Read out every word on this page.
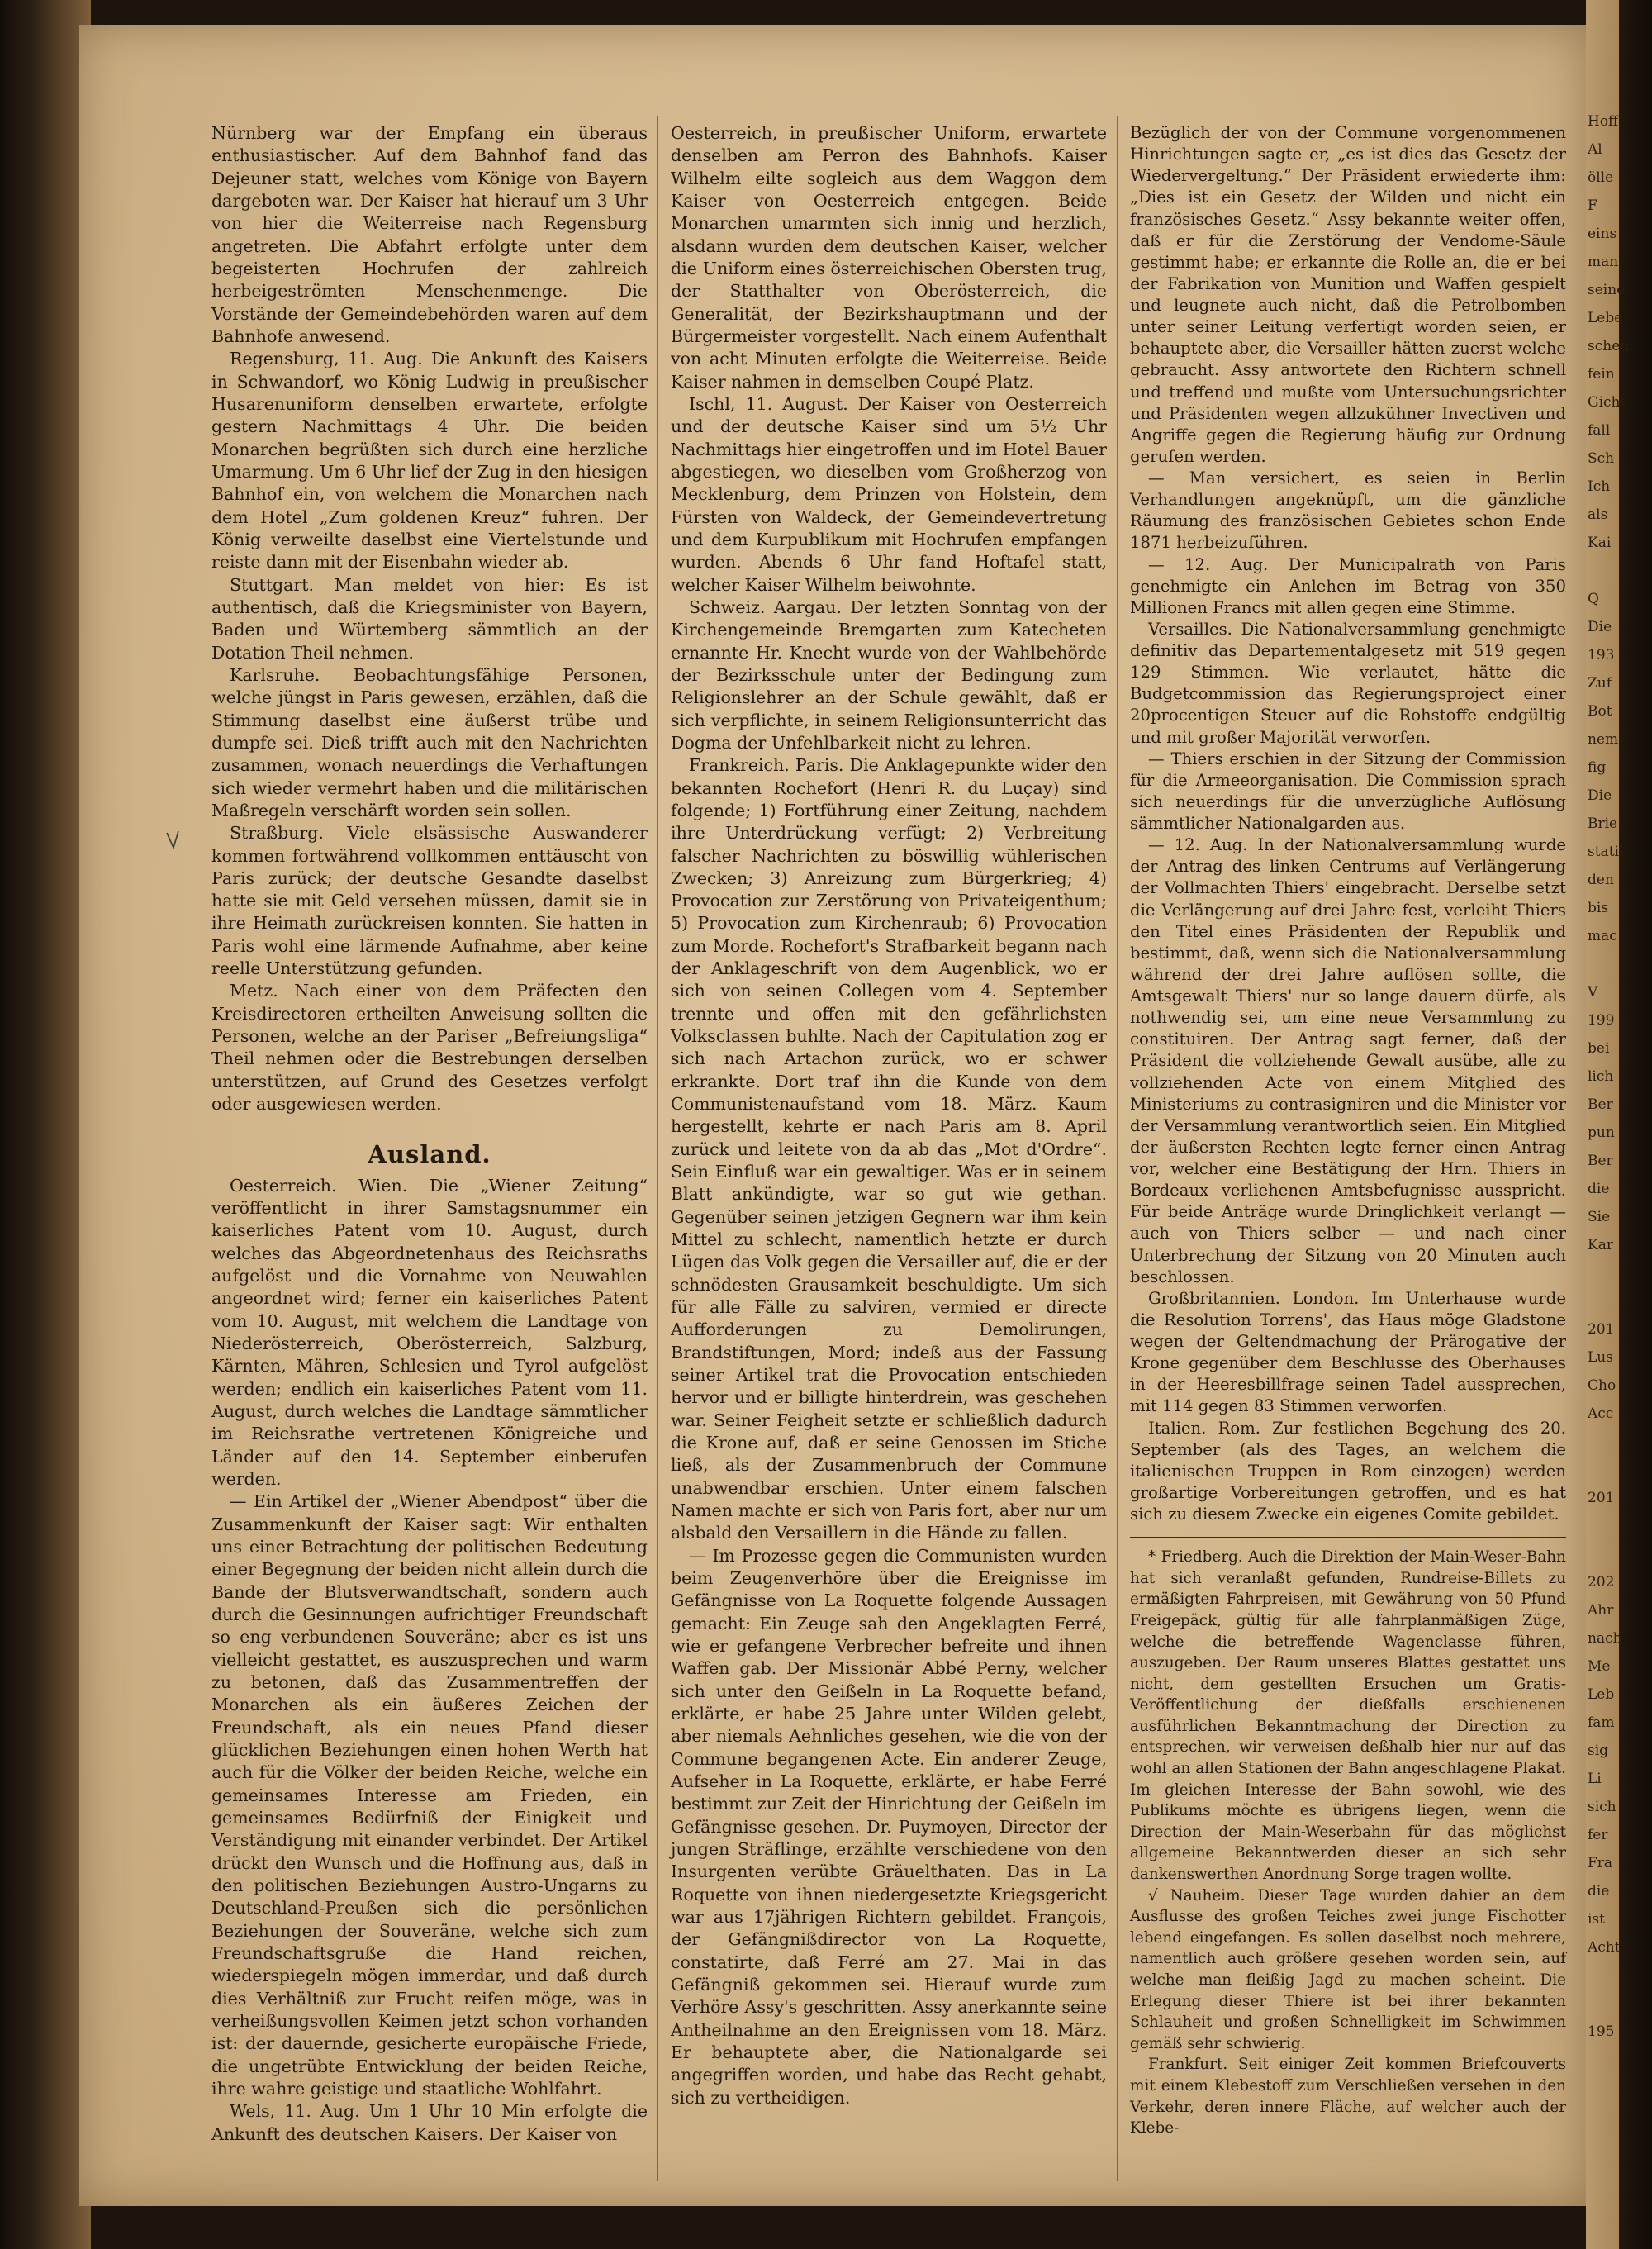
Hoff
Al
ölle
F
eins
man
seine
Lebe
scheu
fein
Gicht
fall
Sch
Ich
als
Kai

Q
Die
193
Zuf
Bot
nem
fig
Die
Brie
stati
den
bis
mac

V
199
bei
lich
Ber
pun
Ber
die
Sie
Kar

201
Lus
Cho
Acc

201

202
Ahr
nach
Me
Leb
fam
sig
Li
sich
fer
Fra
die
ist
Acht

195

Nürnberg war der Empfang ein überaus enthusiastischer. Auf dem Bahnhof fand das Dejeuner statt, welches vom Könige von Bayern dargeboten war. Der Kaiser hat hierauf um 3 Uhr von hier die Weiterreise nach Regensburg angetreten. Die Abfahrt erfolgte unter dem begeisterten Hochrufen der zahlreich herbeigeströmten Menschenmenge. Die Vorstände der Gemeindebehörden waren auf dem Bahnhofe anwesend.

Regensburg, 11. Aug. Die Ankunft des Kaisers in Schwandorf, wo König Ludwig in preußischer Husarenuniform denselben erwartete, erfolgte gestern Nachmittags 4 Uhr. Die beiden Monarchen begrüßten sich durch eine herzliche Umarmung. Um 6 Uhr lief der Zug in den hiesigen Bahnhof ein, von welchem die Monarchen nach dem Hotel „Zum goldenen Kreuz“ fuhren. Der König verweilte daselbst eine Viertelstunde und reiste dann mit der Eisenbahn wieder ab.

Stuttgart. Man meldet von hier: Es ist authentisch, daß die Kriegsminister von Bayern, Baden und Würtemberg sämmtlich an der Dotation Theil nehmen.

Karlsruhe. Beobachtungsfähige Personen, welche jüngst in Paris gewesen, erzählen, daß die Stimmung daselbst eine äußerst trübe und dumpfe sei. Dieß trifft auch mit den Nachrichten zusammen, wonach neuerdings die Verhaftungen sich wieder vermehrt haben und die militärischen Maßregeln verschärft worden sein sollen.

Straßburg. Viele elsässische Auswanderer kommen fortwährend vollkommen enttäuscht von Paris zurück; der deutsche Gesandte daselbst hatte sie mit Geld versehen müssen, damit sie in ihre Heimath zurückreisen konnten. Sie hatten in Paris wohl eine lärmende Aufnahme, aber keine reelle Unterstützung gefunden.

Metz. Nach einer von dem Präfecten den Kreisdirectoren ertheilten Anweisung sollten die Personen, welche an der Pariser „Befreiungsliga“ Theil nehmen oder die Bestrebungen derselben unterstützen, auf Grund des Gesetzes verfolgt oder ausgewiesen werden.

Ausland.

Oesterreich. Wien. Die „Wiener Zeitung“ veröffentlicht in ihrer Samstagsnummer ein kaiserliches Patent vom 10. August, durch welches das Abgeordnetenhaus des Reichsraths aufgelöst und die Vornahme von Neuwahlen angeordnet wird; ferner ein kaiserliches Patent vom 10. August, mit welchem die Landtage von Niederösterreich, Oberösterreich, Salzburg, Kärnten, Mähren, Schlesien und Tyrol aufgelöst werden; endlich ein kaiserliches Patent vom 11. August, durch welches die Landtage sämmtlicher im Reichsrathe vertretenen Königreiche und Länder auf den 14. September einberufen werden.

— Ein Artikel der „Wiener Abendpost“ über die Zusammenkunft der Kaiser sagt: Wir enthalten uns einer Betrachtung der politischen Bedeutung einer Begegnung der beiden nicht allein durch die Bande der Blutsverwandtschaft, sondern auch durch die Gesinnungen aufrichtiger Freundschaft so eng verbundenen Souveräne; aber es ist uns vielleicht gestattet, es auszusprechen und warm zu betonen, daß das Zusammentreffen der Monarchen als ein äußeres Zeichen der Freundschaft, als ein neues Pfand dieser glücklichen Beziehungen einen hohen Werth hat auch für die Völker der beiden Reiche, welche ein gemeinsames Interesse am Frieden, ein gemeinsames Bedürfniß der Einigkeit und Verständigung mit einander verbindet. Der Artikel drückt den Wunsch und die Hoffnung aus, daß in den politischen Beziehungen Austro-Ungarns zu Deutschland-Preußen sich die persönlichen Beziehungen der Souveräne, welche sich zum Freundschaftsgruße die Hand reichen, wiederspiegeln mögen immerdar, und daß durch dies Verhältniß zur Frucht reifen möge, was in verheißungsvollen Keimen jetzt schon vorhanden ist: der dauernde, gesicherte europäische Friede, die ungetrübte Entwicklung der beiden Reiche, ihre wahre geistige und staatliche Wohlfahrt.

Wels, 11. Aug. Um 1 Uhr 10 Min erfolgte die Ankunft des deutschen Kaisers. Der Kaiser von

Oesterreich, in preußischer Uniform, erwartete denselben am Perron des Bahnhofs. Kaiser Wilhelm eilte sogleich aus dem Waggon dem Kaiser von Oesterreich entgegen. Beide Monarchen umarmten sich innig und herzlich, alsdann wurden dem deutschen Kaiser, welcher die Uniform eines österreichischen Obersten trug, der Statthalter von Oberösterreich, die Generalität, der Bezirkshauptmann und der Bürgermeister vorgestellt. Nach einem Aufenthalt von acht Minuten erfolgte die Weiterreise. Beide Kaiser nahmen in demselben Coupé Platz.

Ischl, 11. August. Der Kaiser von Oesterreich und der deutsche Kaiser sind um 5½ Uhr Nachmittags hier eingetroffen und im Hotel Bauer abgestiegen, wo dieselben vom Großherzog von Mecklenburg, dem Prinzen von Holstein, dem Fürsten von Waldeck, der Gemeindevertretung und dem Kurpublikum mit Hochrufen empfangen wurden. Abends 6 Uhr fand Hoftafel statt, welcher Kaiser Wilhelm beiwohnte.

Schweiz. Aargau. Der letzten Sonntag von der Kirchengemeinde Bremgarten zum Katecheten ernannte Hr. Knecht wurde von der Wahlbehörde der Bezirksschule unter der Bedingung zum Religionslehrer an der Schule gewählt, daß er sich verpflichte, in seinem Religionsunterricht das Dogma der Unfehlbarkeit nicht zu lehren.

Frankreich. Paris. Die Anklagepunkte wider den bekannten Rochefort (Henri R. du Luçay) sind folgende; 1) Fortführung einer Zeitung, nachdem ihre Unterdrückung verfügt; 2) Verbreitung falscher Nachrichten zu böswillig wühlerischen Zwecken; 3) Anreizung zum Bürgerkrieg; 4) Provocation zur Zerstörung von Privateigenthum; 5) Provocation zum Kirchenraub; 6) Provocation zum Morde. Rochefort's Strafbarkeit begann nach der Anklageschrift von dem Augenblick, wo er sich von seinen Collegen vom 4. September trennte und offen mit den gefährlichsten Volksclassen buhlte. Nach der Capitulation zog er sich nach Artachon zurück, wo er schwer erkrankte. Dort traf ihn die Kunde von dem Communistenaufstand vom 18. März. Kaum hergestellt, kehrte er nach Paris am 8. April zurück und leitete von da ab das „Mot d'Ordre“. Sein Einfluß war ein gewaltiger. Was er in seinem Blatt ankündigte, war so gut wie gethan. Gegenüber seinen jetzigen Gegnern war ihm kein Mittel zu schlecht, namentlich hetzte er durch Lügen das Volk gegen die Versailler auf, die er der schnödesten Grausamkeit beschuldigte. Um sich für alle Fälle zu salviren, vermied er directe Aufforderungen zu Demolirungen, Brandstiftungen, Mord; indeß aus der Fassung seiner Artikel trat die Provocation entschieden hervor und er billigte hinterdrein, was geschehen war. Seiner Feigheit setzte er schließlich dadurch die Krone auf, daß er seine Genossen im Stiche ließ, als der Zusammenbruch der Commune unabwendbar erschien. Unter einem falschen Namen machte er sich von Paris fort, aber nur um alsbald den Versaillern in die Hände zu fallen.

— Im Prozesse gegen die Communisten wurden beim Zeugenverhöre über die Ereignisse im Gefängnisse von La Roquette folgende Aussagen gemacht: Ein Zeuge sah den Angeklagten Ferré, wie er gefangene Verbrecher befreite und ihnen Waffen gab. Der Missionär Abbé Perny, welcher sich unter den Geißeln in La Roquette befand, erklärte, er habe 25 Jahre unter Wilden gelebt, aber niemals Aehnliches gesehen, wie die von der Commune begangenen Acte. Ein anderer Zeuge, Aufseher in La Roquette, erklärte, er habe Ferré bestimmt zur Zeit der Hinrichtung der Geißeln im Gefängnisse gesehen. Dr. Puymoyen, Director der jungen Sträflinge, erzählte verschiedene von den Insurgenten verübte Gräuelthaten. Das in La Roquette von ihnen niedergesetzte Kriegsgericht war aus 17jährigen Richtern gebildet. François, der Gefängnißdirector von La Roquette, constatirte, daß Ferré am 27. Mai in das Gefängniß gekommen sei. Hierauf wurde zum Verhöre Assy's geschritten. Assy anerkannte seine Antheilnahme an den Ereignissen vom 18. März. Er behauptete aber, die Nationalgarde sei angegriffen worden, und habe das Recht gehabt, sich zu vertheidigen.

Bezüglich der von der Commune vorgenommenen Hinrichtungen sagte er, „es ist dies das Gesetz der Wiedervergeltung.“ Der Präsident erwiederte ihm: „Dies ist ein Gesetz der Wilden und nicht ein französisches Gesetz.“ Assy bekannte weiter offen, daß er für die Zerstörung der Vendome-Säule gestimmt habe; er erkannte die Rolle an, die er bei der Fabrikation von Munition und Waffen gespielt und leugnete auch nicht, daß die Petrolbomben unter seiner Leitung verfertigt worden seien, er behauptete aber, die Versailler hätten zuerst welche gebraucht. Assy antwortete den Richtern schnell und treffend und mußte vom Untersuchungsrichter und Präsidenten wegen allzukühner Invectiven und Angriffe gegen die Regierung häufig zur Ordnung gerufen werden.

— Man versichert, es seien in Berlin Verhandlungen angeknüpft, um die gänzliche Räumung des französischen Gebietes schon Ende 1871 herbeizuführen.

— 12. Aug. Der Municipalrath von Paris genehmigte ein Anlehen im Betrag von 350 Millionen Francs mit allen gegen eine Stimme.

Versailles. Die Nationalversammlung genehmigte definitiv das Departementalgesetz mit 519 gegen 129 Stimmen. Wie verlautet, hätte die Budgetcommission das Regierungsproject einer 20procentigen Steuer auf die Rohstoffe endgültig und mit großer Majorität verworfen.

— Thiers erschien in der Sitzung der Commission für die Armeeorganisation. Die Commission sprach sich neuerdings für die unverzügliche Auflösung sämmtlicher Nationalgarden aus.

— 12. Aug. In der Nationalversammlung wurde der Antrag des linken Centrums auf Verlängerung der Vollmachten Thiers' eingebracht. Derselbe setzt die Verlängerung auf drei Jahre fest, verleiht Thiers den Titel eines Präsidenten der Republik und bestimmt, daß, wenn sich die Nationalversammlung während der drei Jahre auflösen sollte, die Amtsgewalt Thiers' nur so lange dauern dürfe, als nothwendig sei, um eine neue Versammlung zu constituiren. Der Antrag sagt ferner, daß der Präsident die vollziehende Gewalt ausübe, alle zu vollziehenden Acte von einem Mitglied des Ministeriums zu contrasigniren und die Minister vor der Versammlung verantwortlich seien. Ein Mitglied der äußersten Rechten legte ferner einen Antrag vor, welcher eine Bestätigung der Hrn. Thiers in Bordeaux verliehenen Amtsbefugnisse ausspricht. Für beide Anträge wurde Dringlichkeit verlangt — auch von Thiers selber — und nach einer Unterbrechung der Sitzung von 20 Minuten auch beschlossen.

Großbritannien. London. Im Unterhause wurde die Resolution Torrens', das Haus möge Gladstone wegen der Geltendmachung der Prärogative der Krone gegenüber dem Beschlusse des Oberhauses in der Heeresbillfrage seinen Tadel aussprechen, mit 114 gegen 83 Stimmen verworfen.

Italien. Rom. Zur festlichen Begehung des 20. September (als des Tages, an welchem die italienischen Truppen in Rom einzogen) werden großartige Vorbereitungen getroffen, und es hat sich zu diesem Zwecke ein eigenes Comite gebildet.

* Friedberg. Auch die Direktion der Main-Weser-Bahn hat sich veranlaßt gefunden, Rundreise-Billets zu ermäßigten Fahrpreisen, mit Gewährung von 50 Pfund Freigepäck, gültig für alle fahrplanmäßigen Züge, welche die betreffende Wagenclasse führen, auszugeben. Der Raum unseres Blattes gestattet uns nicht, dem gestellten Ersuchen um Gratis-Veröffentlichung der dießfalls erschienenen ausführlichen Bekanntmachung der Direction zu entsprechen, wir verweisen deßhalb hier nur auf das wohl an allen Stationen der Bahn angeschlagene Plakat. Im gleichen Interesse der Bahn sowohl, wie des Publikums möchte es übrigens liegen, wenn die Direction der Main-Weserbahn für das möglichst allgemeine Bekanntwerden dieser an sich sehr dankenswerthen Anordnung Sorge tragen wollte.

√ Nauheim. Dieser Tage wurden dahier an dem Ausflusse des großen Teiches zwei junge Fischotter lebend eingefangen. Es sollen daselbst noch mehrere, namentlich auch größere gesehen worden sein, auf welche man fleißig Jagd zu machen scheint. Die Erlegung dieser Thiere ist bei ihrer bekannten Schlauheit und großen Schnelligkeit im Schwimmen gemäß sehr schwierig.

Frankfurt. Seit einiger Zeit kommen Briefcouverts mit einem Klebestoff zum Verschließen versehen in den Verkehr, deren innere Fläche, auf welcher auch der Klebe-
